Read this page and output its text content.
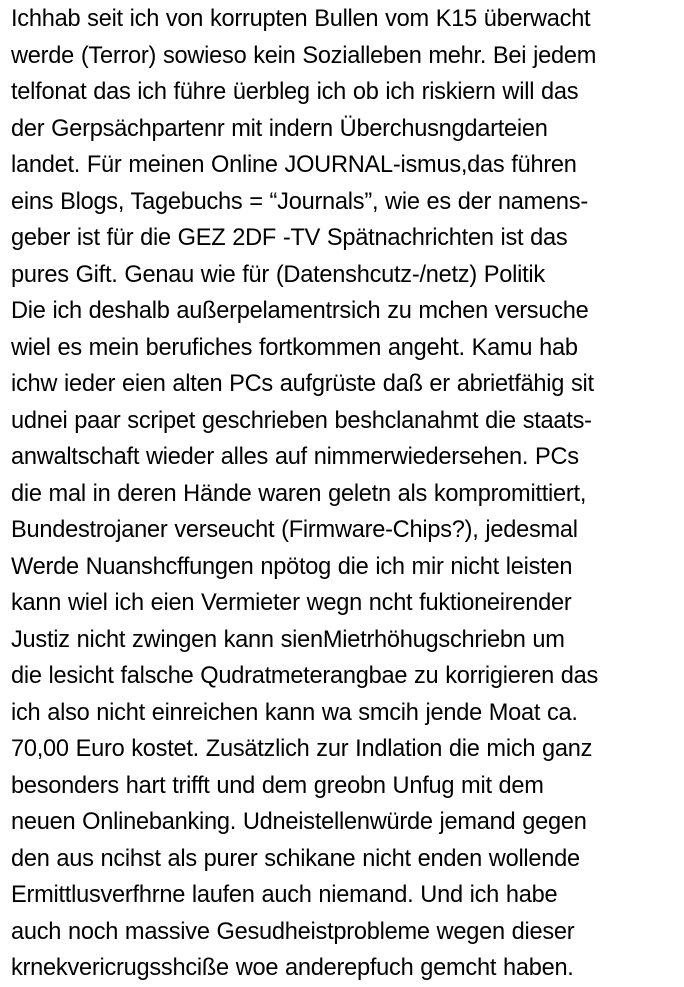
Ichhab seit ich von korrupten Bullen vom K15 überwacht
werde (Terror) sowieso kein Sozialleben mehr. Bei jedem
telfonat das ich führe üerbleg ich ob ich riskiern will das
der Gerpsächpartenr mit indern Überchusngdarteien
landet. Für meinen Online JOURNAL-ismus,das führen
eins Blogs, Tagebuchs = “Journals”, wie es der namens-
geber ist für die GEZ 2DF -TV Spätnachrichten ist das
pures Gift. Genau wie für (Datenshcutz-/netz) Politik
Die ich deshalb außerpelamentrsich zu mchen versuche
wiel es mein beruﬁches fortkommen angeht. Kamu hab
ichw ieder eien alten PCs aufgrüste daß er abrietfähig sit
udnei paar scripet geschrieben beshclanahmt die staats-
anwaltschaft wieder alles auf nimmerwiedersehen. PCs
die mal in deren Hände waren geletn als kompromittiert,
Bundestrojaner verseucht (Firmware-Chips?), jedesmal
Werde Nuanshcffungen npötog die ich mir nicht leisten
kann wiel ich eien Vermieter wegn ncht fuktioneirender
Justiz nicht zwingen kann sienMietrhöhugschriebn um
die lesicht falsche Qudratmeterangbae zu korrigieren das
ich also nicht einreichen kann wa smcih jende Moat ca.
70,00 Euro kostet. Zusätzlich zur Indlation die mich ganz
besonders hart trifft und dem greobn Unfug mit dem
neuen Onlinebanking. Udneistellenwürde jemand gegen
den aus ncihst als purer schikane nicht enden wollende
Ermittlusverfhrne laufen auch niemand. Und ich habe
auch noch massive Gesudheistprobleme wegen dieser
krnekvericrugsshciße woe anderepfuch gemcht haben.
